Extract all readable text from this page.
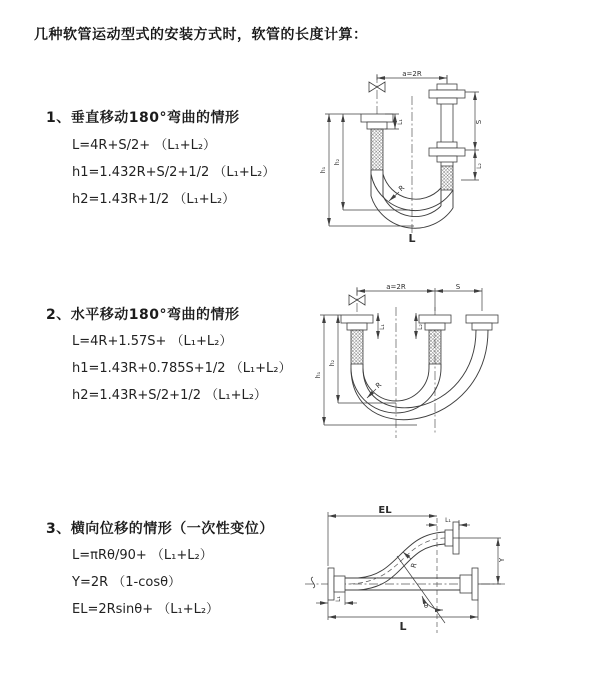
几种软管运动型式的安装方式时，软管的长度计算：
1、垂直移动180°弯曲的情形
L=4R+S/2+ （L₁+L₂）
h1=1.432R+S/2+1/2 （L₁+L₂）
h2=1.43R+1/2 （L₁+L₂）
a=2R
S
L₂
L₁
h₂
h₁
R
L
2、水平移动180°弯曲的情形
L=4R+1.57S+ （L₁+L₂）
h1=1.43R+0.785S+1/2 （L₁+L₂）
h2=1.43R+S/2+1/2 （L₁+L₂）
a=2R	S
L₁	L₂
h₂
h₁
R
3、横向位移的情形（一次性变位）
L=πRθ/90+ （L₁+L₂）
Y=2R （1-cosθ）
EL=2Rsinθ+ （L₁+L₂）	θ
R
EL
L₁
Y
L
L₁
